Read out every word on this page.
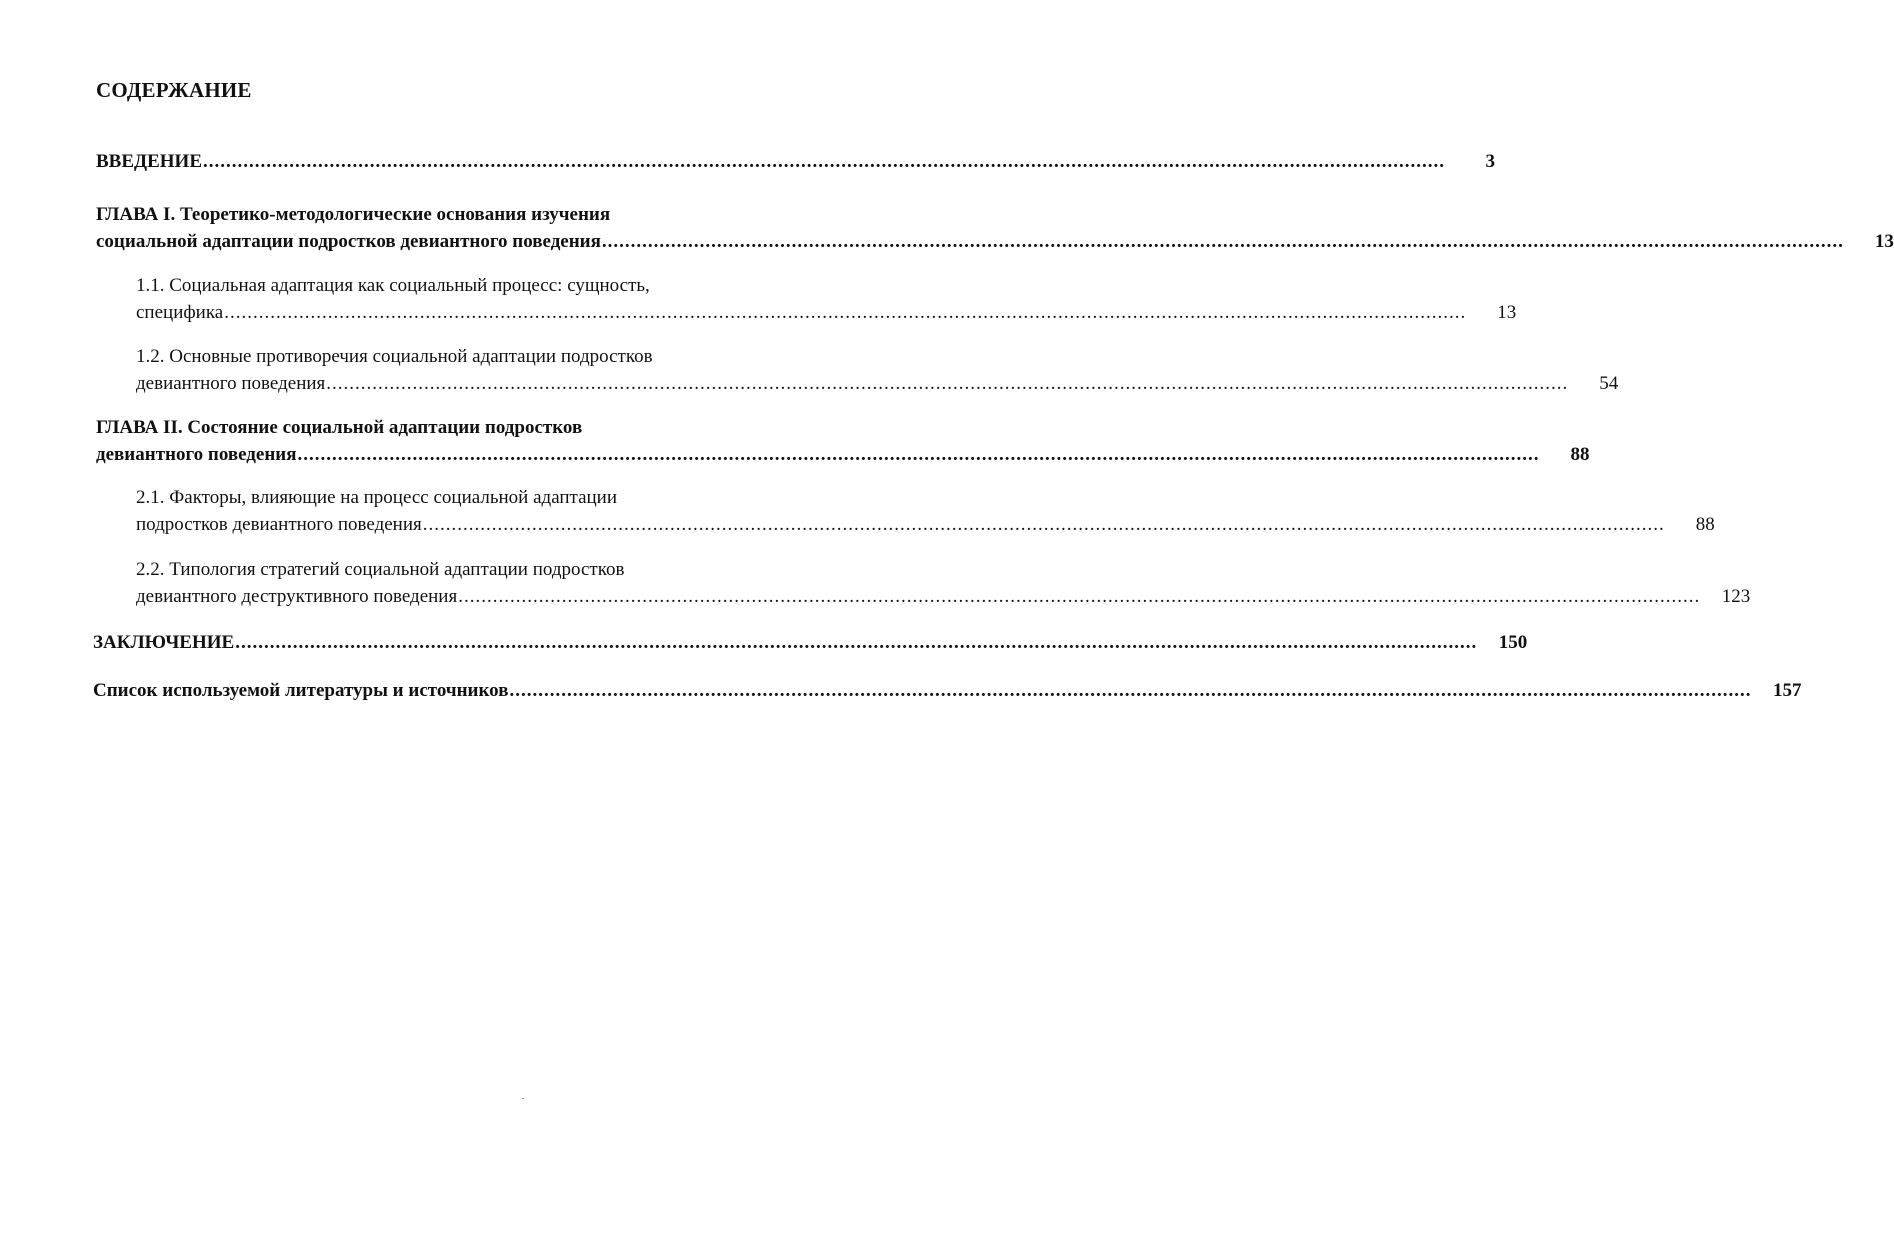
СОДЕРЖАНИЕ
ВВЕДЕНИЕ ........................................................................................................................................................................................................................	3
ГЛАВА I. Теоретико-методологические основания изучения
социальной адаптации подростков девиантного поведения ........................................................................................................................................................................................................................	13
1.1. Социальная адаптация как социальный процесс: сущность,
специфика ........................................................................................................................................................................................................................	13
1.2. Основные противоречия социальной адаптации подростков
девиантного поведения ........................................................................................................................................................................................................................	54
ГЛАВА II. Состояние социальной адаптации подростков
девиантного поведения ........................................................................................................................................................................................................................	88
2.1. Факторы, влияющие на процесс социальной адаптации
подростков девиантного поведения ........................................................................................................................................................................................................................	88
2.2. Типология стратегий социальной адаптации подростков
девиантного деструктивного поведения ........................................................................................................................................................................................................................	123
ЗАКЛЮЧЕНИЕ ........................................................................................................................................................................................................................	150
Список используемой литературы и источников ........................................................................................................................................................................................................................	157
